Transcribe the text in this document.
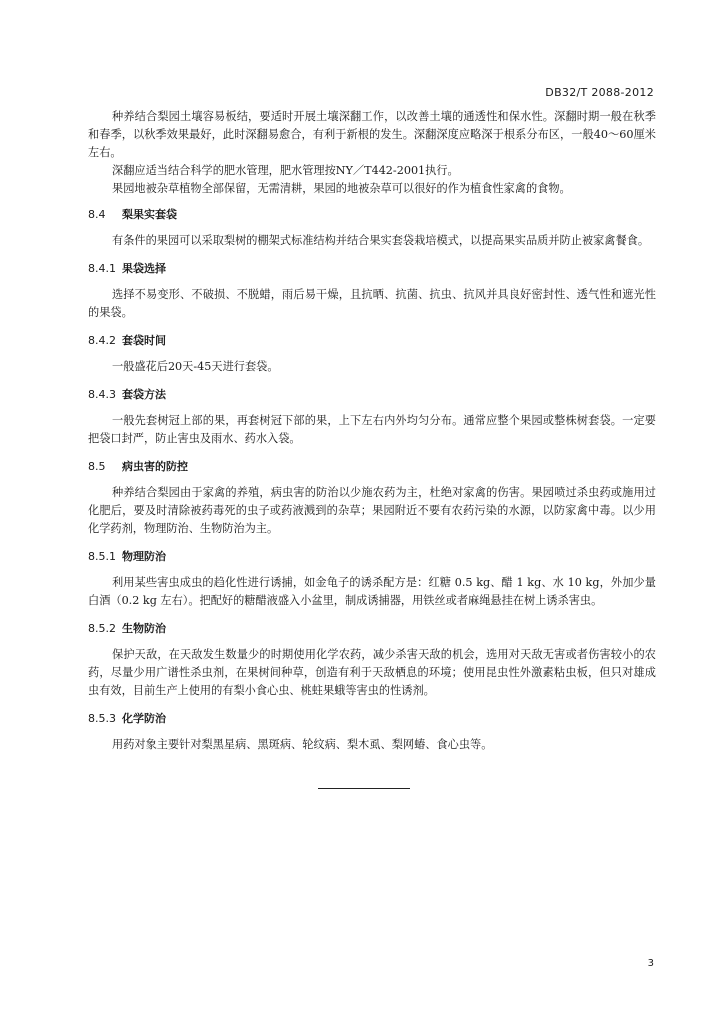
DB32/T 2088-2012

种养结合梨园土壤容易板结，要适时开展土壤深翻工作，以改善土壤的通透性和保水性。深翻时期一般在秋季和春季，以秋季效果最好，此时深翻易愈合，有利于新根的发生。深翻深度应略深于根系分布区，一般40～60厘米左右。

深翻应适当结合科学的肥水管理，肥水管理按NY／T442-2001执行。

果园地被杂草植物全部保留，无需清耕，果园的地被杂草可以很好的作为植食性家禽的食物。

8.4 梨果实套袋

有条件的果园可以采取梨树的棚架式标准结构并结合果实套袋栽培模式，以提高果实品质并防止被家禽餐食。

8.4.1 果袋选择

选择不易变形、不破损、不脱蜡，雨后易干燥，且抗晒、抗菌、抗虫、抗风并具良好密封性、透气性和遮光性的果袋。

8.4.2 套袋时间

一般盛花后20天-45天进行套袋。

8.4.3 套袋方法

一般先套树冠上部的果，再套树冠下部的果，上下左右内外均匀分布。通常应整个果园或整株树套袋。一定要把袋口封严，防止害虫及雨水、药水入袋。

8.5 病虫害的防控

种养结合梨园由于家禽的养殖，病虫害的防治以少施农药为主，杜绝对家禽的伤害。果园喷过杀虫药或施用过化肥后，要及时清除被药毒死的虫子或药液溅到的杂草；果园附近不要有农药污染的水源，以防家禽中毒。以少用化学药剂，物理防治、生物防治为主。

8.5.1 物理防治

利用某些害虫成虫的趋化性进行诱捕，如金龟子的诱杀配方是：红糖 0.5 kg、醋 1 kg、水 10 kg，外加少量白酒（0.2 kg 左右）。把配好的糖醋液盛入小盆里，制成诱捕器，用铁丝或者麻绳悬挂在树上诱杀害虫。

8.5.2 生物防治

保护天敌，在天敌发生数量少的时期使用化学农药，减少杀害天敌的机会，选用对天敌无害或者伤害较小的农药，尽量少用广谱性杀虫剂，在果树间种草，创造有利于天敌栖息的环境；使用昆虫性外激素粘虫板，但只对雄成虫有效，目前生产上使用的有梨小食心虫、桃蛀果蛾等害虫的性诱剂。

8.5.3 化学防治

用药对象主要针对梨黑星病、黑斑病、轮纹病、梨木虱、梨网蝽、食心虫等。

3
